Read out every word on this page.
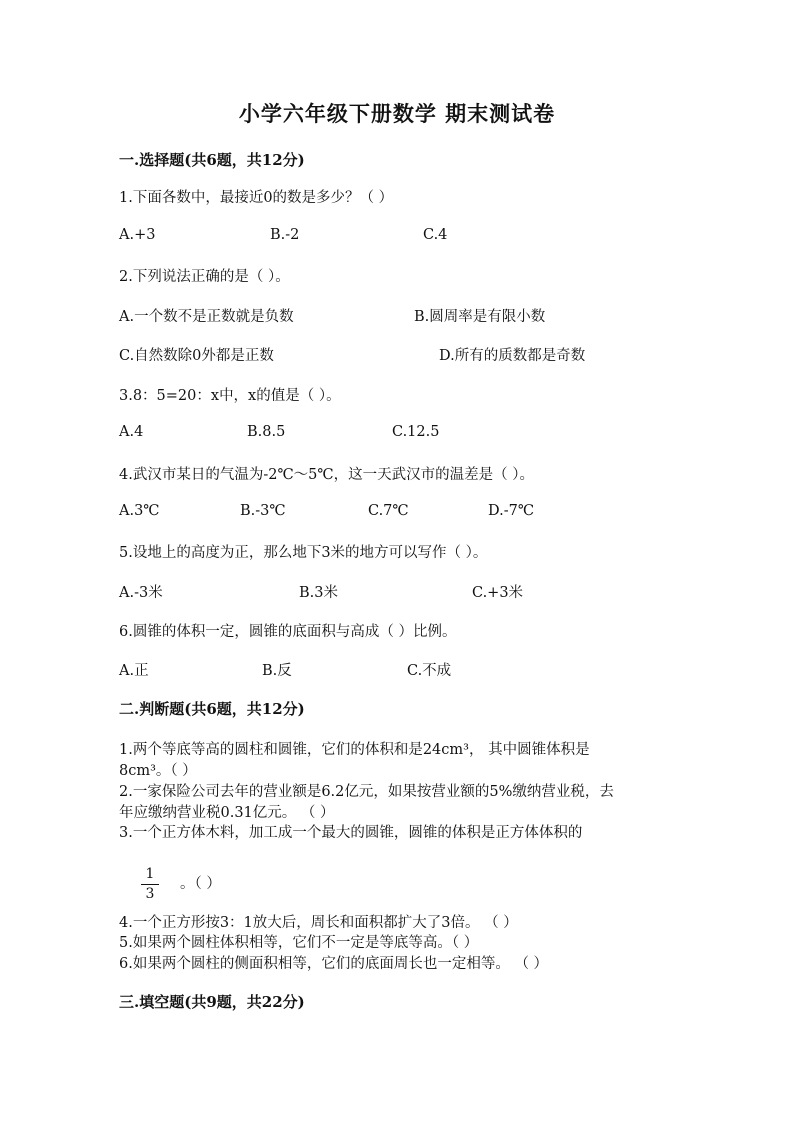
小学六年级下册数学 期末测试卷
一.选择题(共6题，共12分)
1.下面各数中，最接近0的数是多少？（ ）
A.+3	B.-2	C.4
2.下列说法正确的是（ ）。
A.一个数不是正数就是负数	B.圆周率是有限小数
C.自然数除0外都是正数	D.所有的质数都是奇数
3.8：5=20：x中，x的值是（ ）。
A.4	B.8.5	C.12.5
4.武汉市某日的气温为-2℃～5℃，这一天武汉市的温差是（ ）。
A.3℃	B.-3℃	C.7℃	D.-7℃
5.设地上的高度为正，那么地下3米的地方可以写作（ ）。
A.-3米	B.3米	C.+3米
6.圆锥的体积一定，圆锥的底面积与高成（ ）比例。
A.正	B.反	C.不成
二.判断题(共6题，共12分)
1.两个等底等高的圆柱和圆锥，它们的体积和是24cm³， 其中圆锥体积是
8cm³。（ ）
2.一家保险公司去年的营业额是6.2亿元，如果按营业额的5%缴纳营业税，去
年应缴纳营业税0.31亿元。 （ ）
3.一个正方体木料，加工成一个最大的圆锥，圆锥的体积是正方体体积的
1
3
。（ ）
4.一个正方形按3：1放大后，周长和面积都扩大了3倍。 （ ）
5.如果两个圆柱体积相等，它们不一定是等底等高。（ ）
6.如果两个圆柱的侧面积相等，它们的底面周长也一定相等。 （ ）
三.填空题(共9题，共22分)
